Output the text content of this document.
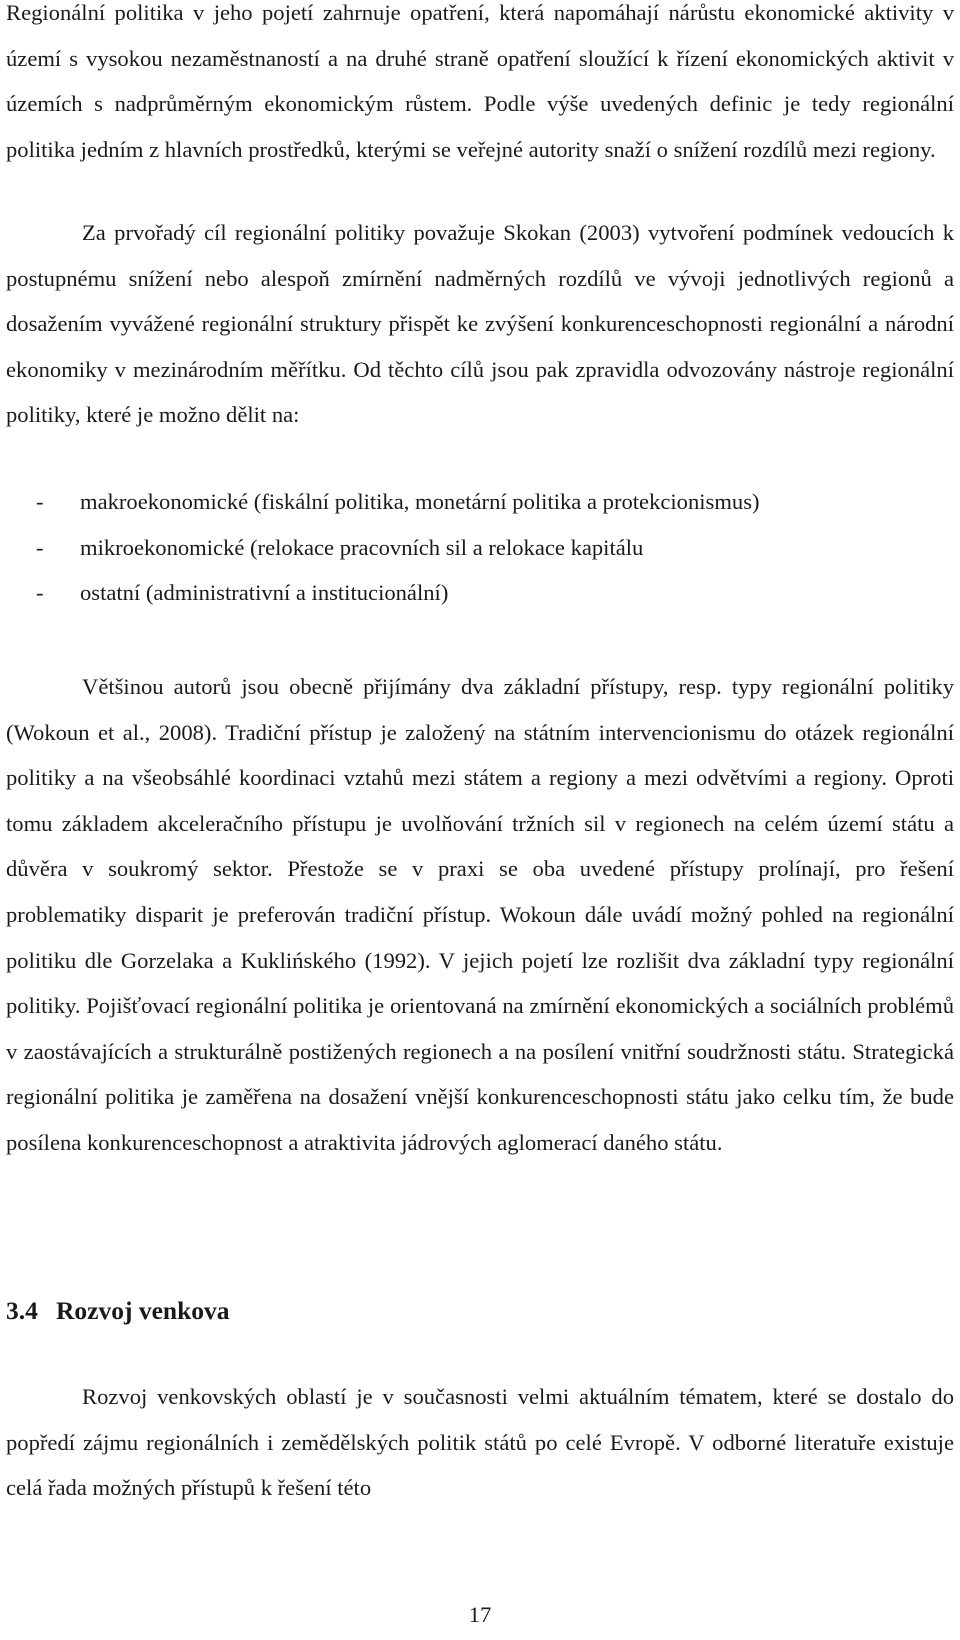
Regionální politika v jeho pojetí zahrnuje opatření, která napomáhají nárůstu ekonomické aktivity v území s vysokou nezaměstnaností a na druhé straně opatření sloužící k řízení ekonomických aktivit v územích s nadprůměrným ekonomickým růstem. Podle výše uvedených definic je tedy regionální politika jedním z hlavních prostředků, kterými se veřejné autority snaží o snížení rozdílů mezi regiony.

Za prvořadý cíl regionální politiky považuje Skokan (2003) vytvoření podmínek vedoucích k postupnému snížení nebo alespoň zmírnění nadměrných rozdílů ve vývoji jednotlivých regionů a dosažením vyvážené regionální struktury přispět ke zvýšení konkurenceschopnosti regionální a národní ekonomiky v mezinárodním měřítku. Od těchto cílů jsou pak zpravidla odvozovány nástroje regionální politiky, které je možno dělit na:

- makroekonomické (fiskální politika, monetární politika a protekcionismus)
- mikroekonomické (relokace pracovních sil a relokace kapitálu
- ostatní (administrativní a institucionální)

Většinou autorů jsou obecně přijímány dva základní přístupy, resp. typy regionální politiky (Wokoun et al., 2008). Tradiční přístup je založený na státním intervencionismu do otázek regionální politiky a na všeobsáhlé koordinaci vztahů mezi státem a regiony a mezi odvětvími a regiony. Oproti tomu základem akceleračního přístupu je uvolňování tržních sil v regionech na celém území státu a důvěra v soukromý sektor. Přestože se v praxi se oba uvedené přístupy prolínají, pro řešení problematiky disparit je preferován tradiční přístup. Wokoun dále uvádí možný pohled na regionální politiku dle Gorzelaka a Kuklińského (1992). V jejich pojetí lze rozlišit dva základní typy regionální politiky. Pojišťovací regionální politika je orientovaná na zmírnění ekonomických a sociálních problémů v zaostávajících a strukturálně postižených regionech a na posílení vnitřní soudržnosti státu. Strategická regionální politika je zaměřena na dosažení vnější konkurenceschopnosti státu jako celku tím, že bude posílena konkurenceschopnost a atraktivita jádrových aglomerací daného státu.

3.4 Rozvoj venkova

Rozvoj venkovských oblastí je v současnosti velmi aktuálním tématem, které se dostalo do popředí zájmu regionálních i zemědělských politik států po celé Evropě. V odborné literatuře existuje celá řada možných přístupů k řešení této

17
